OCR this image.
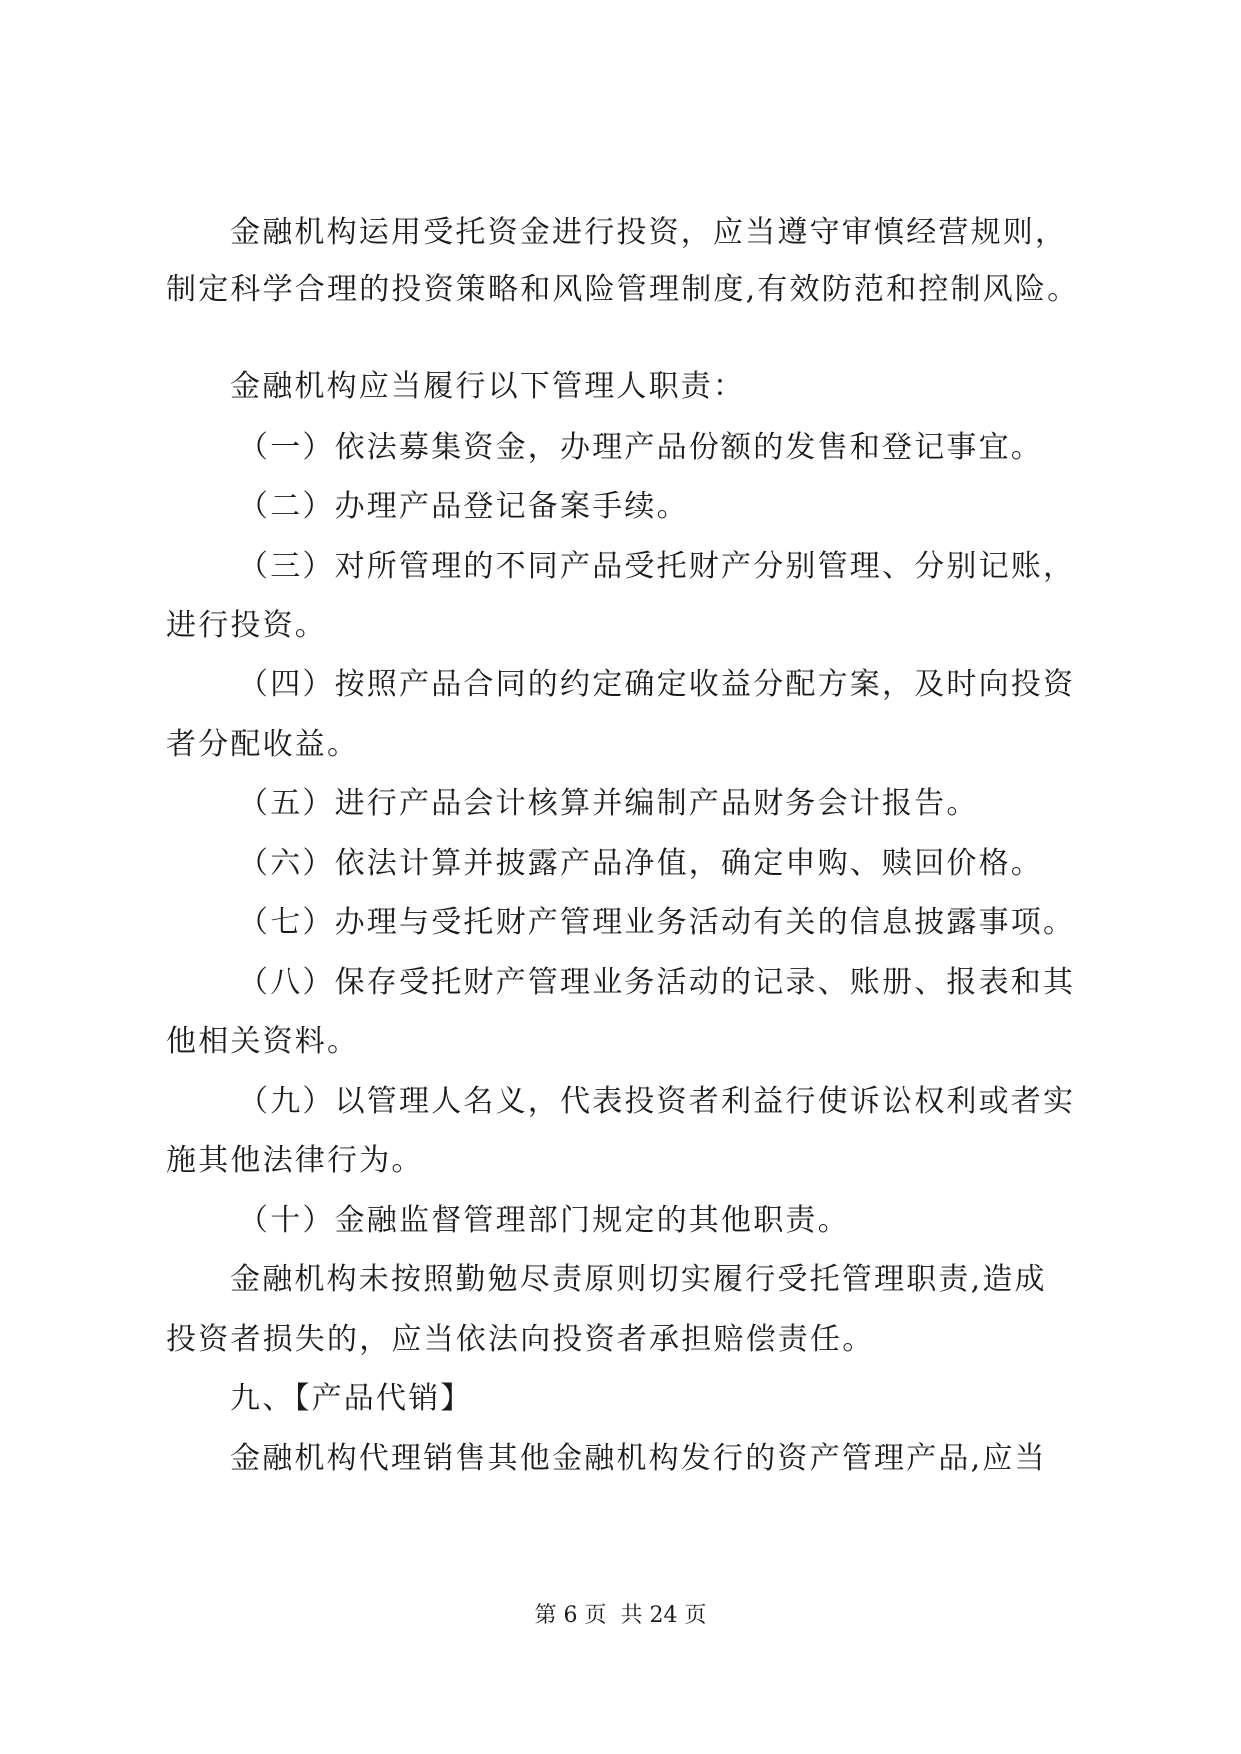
金融机构运用受托资金进行投资，应当遵守审慎经营规则，
制定科学合理的投资策略和风险管理制度,有效防范和控制风险。
金融机构应当履行以下管理人职责：
（一）依法募集资金，办理产品份额的发售和登记事宜。
（二）办理产品登记备案手续。
（三）对所管理的不同产品受托财产分别管理、分别记账，
进行投资。
（四）按照产品合同的约定确定收益分配方案，及时向投资
者分配收益。
（五）进行产品会计核算并编制产品财务会计报告。
（六）依法计算并披露产品净值，确定申购、赎回价格。
（七）办理与受托财产管理业务活动有关的信息披露事项。
（八）保存受托财产管理业务活动的记录、账册、报表和其
他相关资料。
（九）以管理人名义，代表投资者利益行使诉讼权利或者实
施其他法律行为。
（十）金融监督管理部门规定的其他职责。
金融机构未按照勤勉尽责原则切实履行受托管理职责,造成
投资者损失的，应当依法向投资者承担赔偿责任。
九、【产品代销】
金融机构代理销售其他金融机构发行的资产管理产品,应当
第 6 页 共 24 页
